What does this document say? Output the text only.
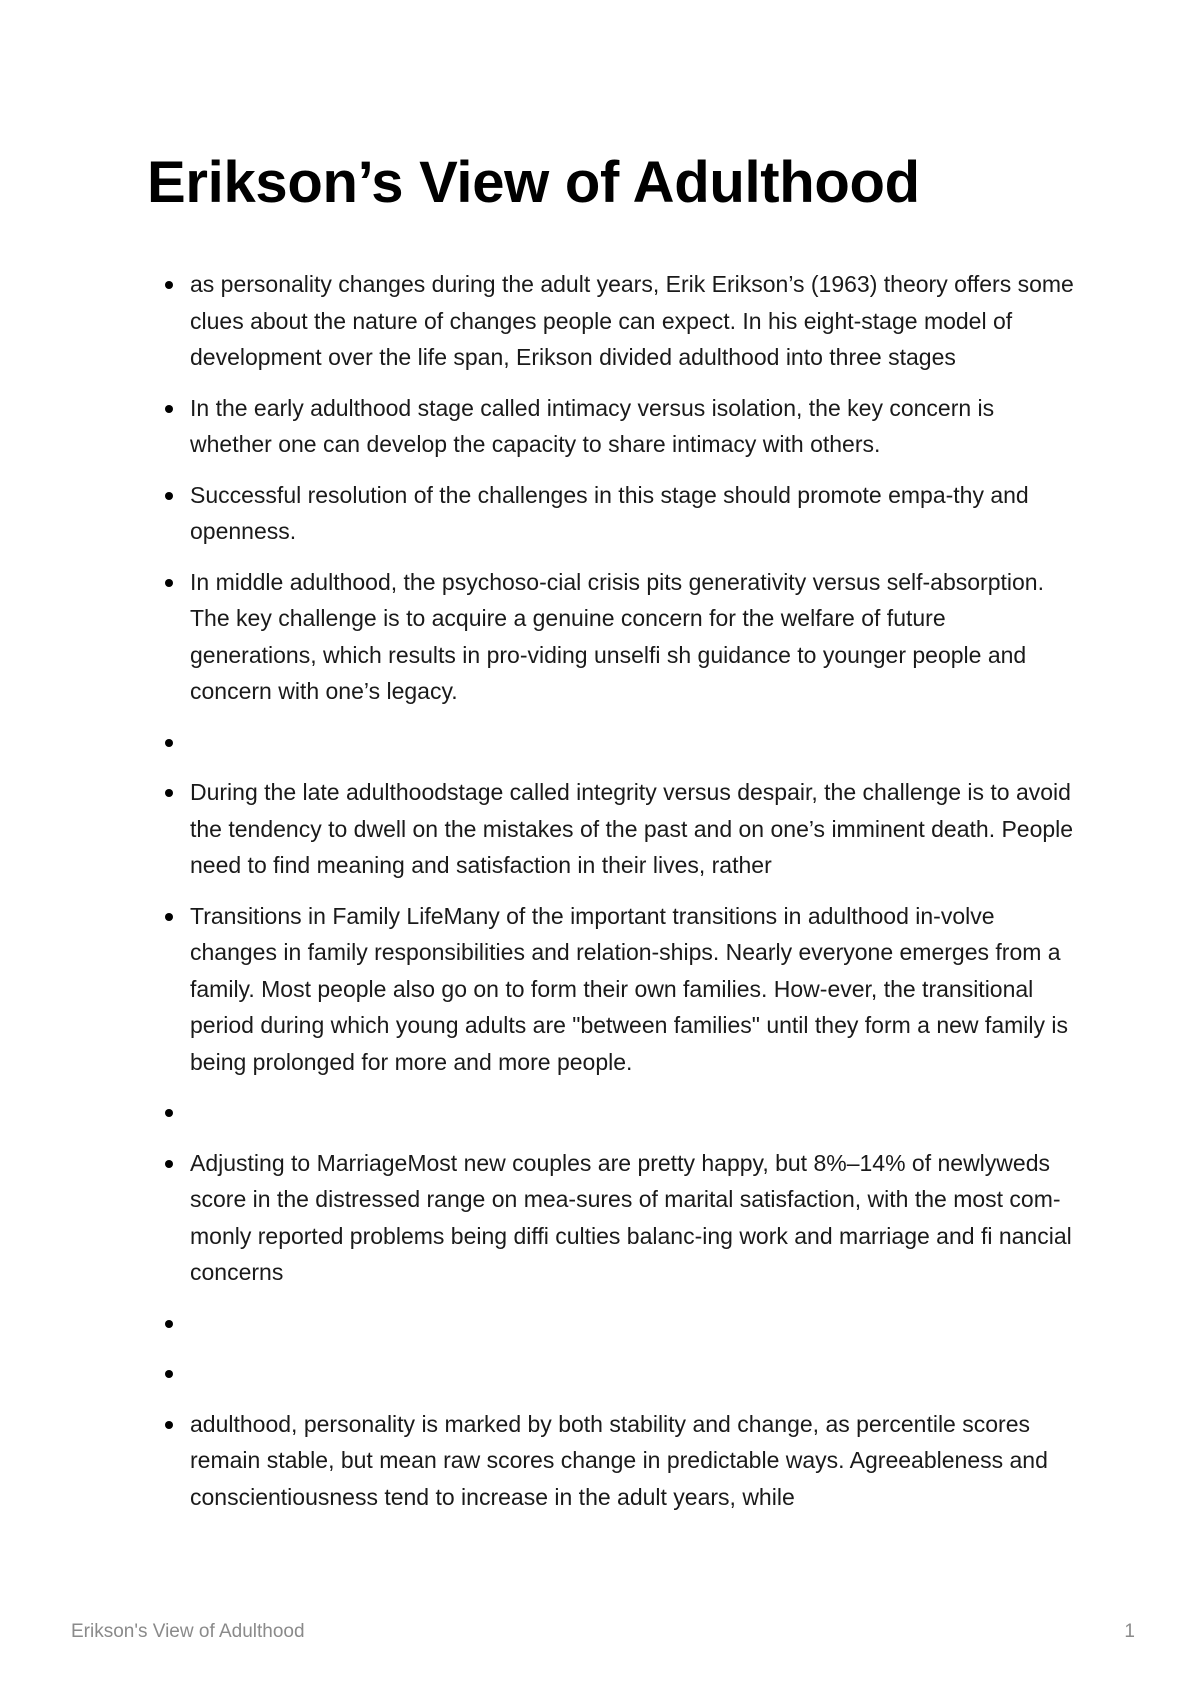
Erikson’s View of Adulthood
as personality changes during the adult years, Erik Erikson’s (1963) theory offers some clues about the nature of changes people can expect. In his eight-stage model of development over the life span, Erikson divided adulthood into three stages
In the early adulthood stage called intimacy versus isolation, the key concern is whether one can develop the capacity to share intimacy with others.
Successful resolution of the challenges in this stage should promote empa-thy and openness.
In middle adulthood, the psychoso-cial crisis pits generativity versus self-absorption. The key challenge is to acquire a genuine concern for the welfare of future generations, which results in pro-viding unselfi sh guidance to younger people and concern with one’s legacy.
During the late adulthoodstage called integrity versus despair, the challenge is to avoid the tendency to dwell on the mistakes of the past and on one’s imminent death. People need to find meaning and satisfaction in their lives, rather
Transitions in Family LifeMany of the important transitions in adulthood in-volve changes in family responsibilities and relation-ships. Nearly everyone emerges from a family. Most people also go on to form their own families. How-ever, the transitional period during which young adults are "between families" until they form a new family is being prolonged for more and more people.
Adjusting to MarriageMost new couples are pretty happy, but 8%–14% of newlyweds score in the distressed range on mea-sures of marital satisfaction, with the most com-monly reported problems being diffi culties balanc-ing work and marriage and fi nancial concerns
adulthood, personality is marked by both stability and change, as percentile scores remain stable, but mean raw scores change in predictable ways. Agreeableness and conscientiousness tend to increase in the adult years, while
Erikson's View of Adulthood	1
